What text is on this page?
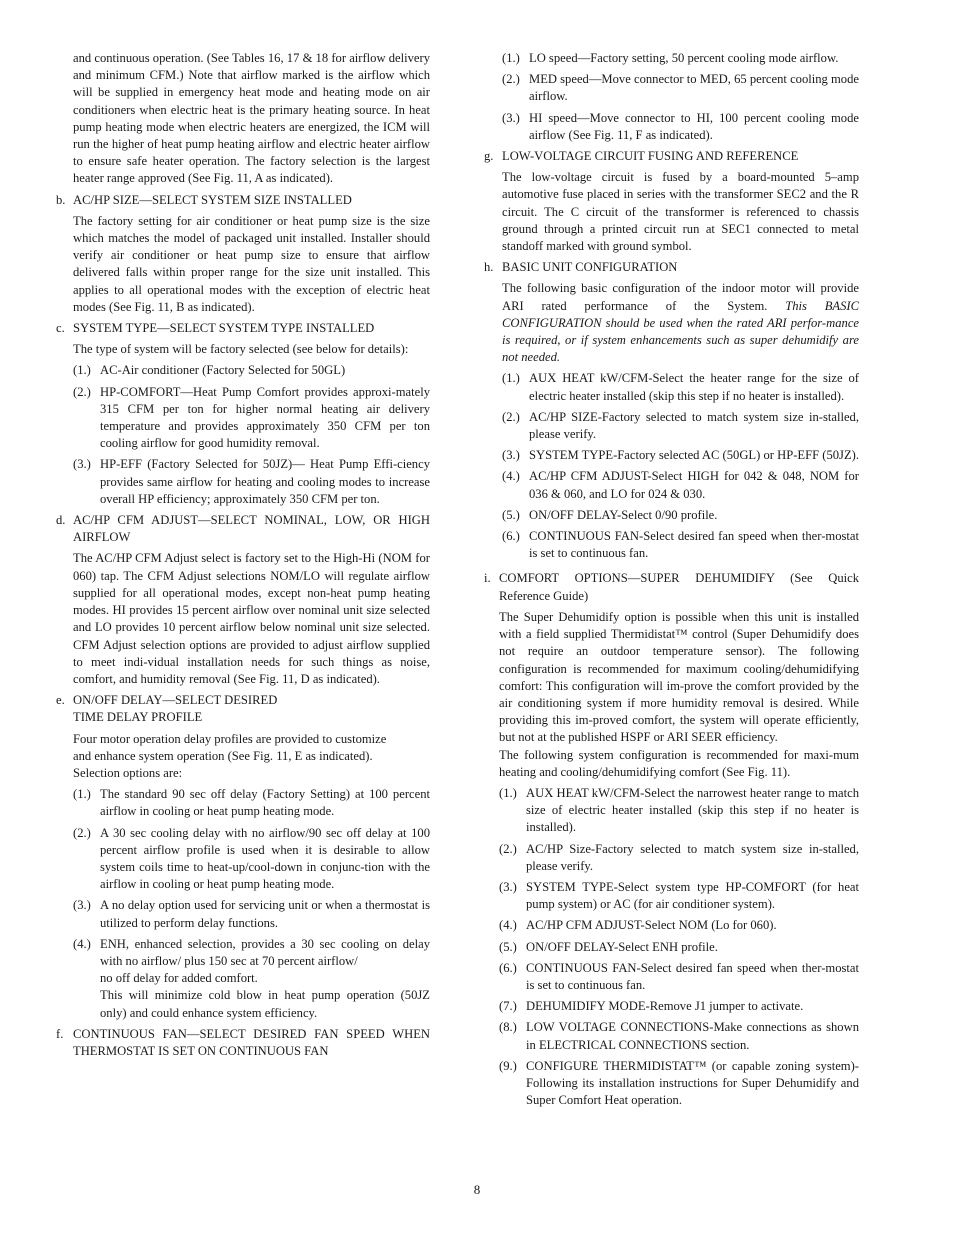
and continuous operation. (See Tables 16, 17 & 18 for airflow delivery and minimum CFM.) Note that airflow marked is the airflow which will be supplied in emergency heat mode and heating mode on air conditioners when electric heat is the primary heating source. In heat pump heating mode when electric heaters are energized, the ICM will run the higher of heat pump heating airflow and electric heater airflow to ensure safe heater operation. The factory selection is the largest heater range approved (See Fig. 11, A as indicated).

b. AC/HP SIZE—SELECT SYSTEM SIZE INSTALLED

The factory setting for air conditioner or heat pump size is the size which matches the model of packaged unit installed. Installer should verify air conditioner or heat pump size to ensure that airflow delivered falls within proper range for the size unit installed. This applies to all operational modes with the exception of electric heat modes (See Fig. 11, B as indicated).

c. SYSTEM TYPE—SELECT SYSTEM TYPE INSTALLED

The type of system will be factory selected (see below for details):

(1.) AC-Air conditioner (Factory Selected for 50GL)
(2.) HP-COMFORT—Heat Pump Comfort provides approxi-mately 315 CFM per ton for higher normal heating air delivery temperature and provides approximately 350 CFM per ton cooling airflow for good humidity removal.
(3.) HP-EFF (Factory Selected for 50JZ)— Heat Pump Effi-ciency provides same airflow for heating and cooling modes to increase overall HP efficiency; approximately 350 CFM per ton.
d. AC/HP CFM ADJUST—SELECT NOMINAL, LOW, OR HIGH AIRFLOW

The AC/HP CFM Adjust select is factory set to the High-Hi (NOM for 060) tap. The CFM Adjust selections NOM/LO will regulate airflow supplied for all operational modes, except non-heat pump heating modes. HI provides 15 percent airflow over nominal unit size selected and LO provides 10 percent airflow below nominal unit size selected. CFM Adjust selection options are provided to adjust airflow supplied to meet indi-vidual installation needs for such things as noise, comfort, and humidity removal (See Fig. 11, D as indicated).

e. ON/OFF DELAY—SELECT DESIRED
TIME DELAY PROFILE
Four motor operation delay profiles are provided to customize
and enhance system operation (See Fig. 11, E as indicated).
Selection options are:
(1.) The standard 90 sec off delay (Factory Setting) at 100 percent airflow in cooling or heat pump heating mode.
(2.) A 30 sec cooling delay with no airflow/90 sec off delay at 100 percent airflow profile is used when it is desirable to allow system coils time to heat-up/cool-down in conjunc-tion with the airflow in cooling or heat pump heating mode.
(3.) A no delay option used for servicing unit or when a thermostat is utilized to perform delay functions.
(4.) ENH, enhanced selection, provides a 30 sec cooling on delay with no airflow/ plus 150 sec at 70 percent airflow/
no off delay for added comfort.
This will minimize cold blow in heat pump operation (50JZ only) and could enhance system efficiency.
f. CONTINUOUS FAN—SELECT DESIRED FAN SPEED WHEN THERMOSTAT IS SET ON CONTINUOUS FAN
(1.) LO speed—Factory setting, 50 percent cooling mode airflow.
(2.) MED speed—Move connector to MED, 65 percent cooling mode airflow.
(3.) HI speed—Move connector to HI, 100 percent cooling mode airflow (See Fig. 11, F as indicated).
g. LOW-VOLTAGE CIRCUIT FUSING AND REFERENCE

The low-voltage circuit is fused by a board-mounted 5–amp automotive fuse placed in series with the transformer SEC2 and the R circuit. The C circuit of the transformer is referenced to chassis ground through a printed circuit run at SEC1 connected to metal standoff marked with ground symbol.

h. BASIC UNIT CONFIGURATION

The following basic configuration of the indoor motor will provide ARI rated performance of the System. This BASIC CONFIGURATION should be used when the rated ARI perfor-mance is required, or if system enhancements such as super dehumidify are not needed.

(1.) AUX HEAT kW/CFM-Select the heater range for the size of electric heater installed (skip this step if no heater is installed).
(2.) AC/HP SIZE-Factory selected to match system size in-stalled, please verify.
(3.) SYSTEM TYPE-Factory selected AC (50GL) or HP-EFF (50JZ).
(4.) AC/HP CFM ADJUST-Select HIGH for 042 & 048, NOM for 036 & 060, and LO for 024 & 030.
(5.) ON/OFF DELAY-Select 0/90 profile.
(6.) CONTINUOUS FAN-Select desired fan speed when ther-mostat is set to continuous fan.
i. COMFORT OPTIONS—SUPER DEHUMIDIFY (See Quick Reference Guide)

The Super Dehumidify option is possible when this unit is installed with a field supplied Thermidistat™ control (Super Dehumidify does not require an outdoor temperature sensor). The following configuration is recommended for maximum cooling/dehumidifying comfort: This configuration will im-prove the comfort provided by the air conditioning system if more humidity removal is desired. While providing this im-proved comfort, the system will operate efficiently, but not at the published HSPF or ARI SEER efficiency.

The following system configuration is recommended for maxi-mum heating and cooling/dehumidifying comfort (See Fig. 11).

(1.) AUX HEAT kW/CFM-Select the narrowest heater range to match size of electric heater installed (skip this step if no heater is installed).
(2.) AC/HP Size-Factory selected to match system size in-stalled, please verify.
(3.) SYSTEM TYPE-Select system type HP-COMFORT (for heat pump system) or AC (for air conditioner system).
(4.) AC/HP CFM ADJUST-Select NOM (Lo for 060).
(5.) ON/OFF DELAY-Select ENH profile.
(6.) CONTINUOUS FAN-Select desired fan speed when ther-mostat is set to continuous fan.
(7.) DEHUMIDIFY MODE-Remove J1 jumper to activate.
(8.) LOW VOLTAGE CONNECTIONS-Make connections as shown in ELECTRICAL CONNECTIONS section.
(9.) CONFIGURE THERMIDISTAT™ (or capable zoning system)-Following its installation instructions for Super Dehumidify and Super Comfort Heat operation.
8
